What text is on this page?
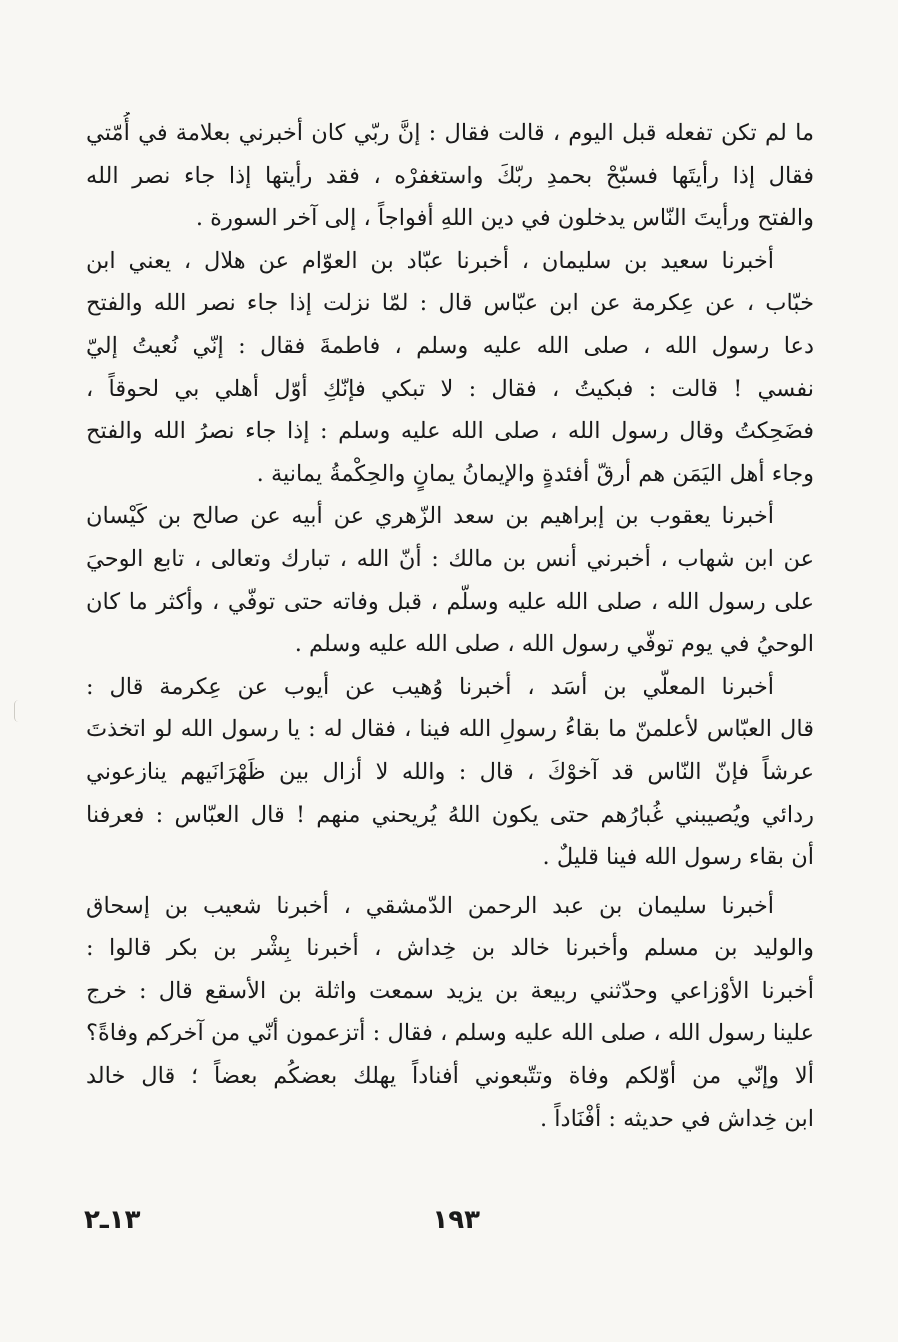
ما لم تكن تفعله قبل اليوم ، قالت فقال : إنَّ ربّي كان أخبرني بعلامة في أُمّتي
فقال إذا رأيتَها فسبّحْ بحمدِ ربّكَ واستغفرْه ، فقد رأيتها إذا جاء نصر الله
والفتح ورأيتَ النّاس يدخلون في دين اللهِ أفواجاً ، إلى آخر السورة .
أخبرنا سعيد بن سليمان ، أخبرنا عبّاد بن العوّام عن هلال ، يعني ابن
خبّاب ، عن عِكرمة عن ابن عبّاس قال : لمّا نزلت إذا جاء نصر الله والفتح
دعا رسول الله ، صلى الله عليه وسلم ، فاطمةَ فقال : إنّي نُعيتُ إليّ
نفسي ! قالت : فبكيتُ ، فقال : لا تبكي فإنّكِ أوّل أهلي بي لحوقاً ،
فضَحِكتُ وقال رسول الله ، صلى الله عليه وسلم : إذا جاء نصرُ الله والفتح
وجاء أهل اليَمَن هم أرقّ أفئدةٍ والإيمانُ يمانٍ والحِكْمةُ يمانية .
أخبرنا يعقوب بن إبراهيم بن سعد الزّهري عن أبيه عن صالح بن كَيْسان
عن ابن شهاب ، أخبرني أنس بن مالك : أنّ الله ، تبارك وتعالى ، تابع الوحيَ
على رسول الله ، صلى الله عليه وسلّم ، قبل وفاته حتى توفّي ، وأكثر ما كان
الوحيُ في يوم توفّي رسول الله ، صلى الله عليه وسلم .
أخبرنا المعلّي بن أسَد ، أخبرنا وُهيب عن أيوب عن عِكرمة قال :
قال العبّاس لأعلمنّ ما بقاءُ رسولِ الله فينا ، فقال له : يا رسول الله لو اتخذتَ
عرشاً فإنّ النّاس قد آخوْكَ ، قال : والله لا أزال بين ظَهْرَانَيهم ينازعوني
ردائي ويُصيبني غُبارُهم حتى يكون اللهُ يُريحني منهم ! قال العبّاس : فعرفنا
أن بقاء رسول الله فينا قليلٌ .
أخبرنا سليمان بن عبد الرحمن الدّمشقي ، أخبرنا شعيب بن إسحاق
والوليد بن مسلم وأخبرنا خالد بن خِداش ، أخبرنا بِشْر بن بكر قالوا :
أخبرنا الأوْزاعي وحدّثني ربيعة بن يزيد سمعت واثلة بن الأسقع قال : خرج
علينا رسول الله ، صلى الله عليه وسلم ، فقال : أتزعمون أنّي من آخركم وفاةً؟
ألا وإنّي من أوّلكم وفاة وتتّبعوني أفناداً يهلك بعضكُم بعضاً ؛ قال خالد
ابن خِداش في حديثه : أفْنَاداً .
١٩٣
١٣ـ٢
